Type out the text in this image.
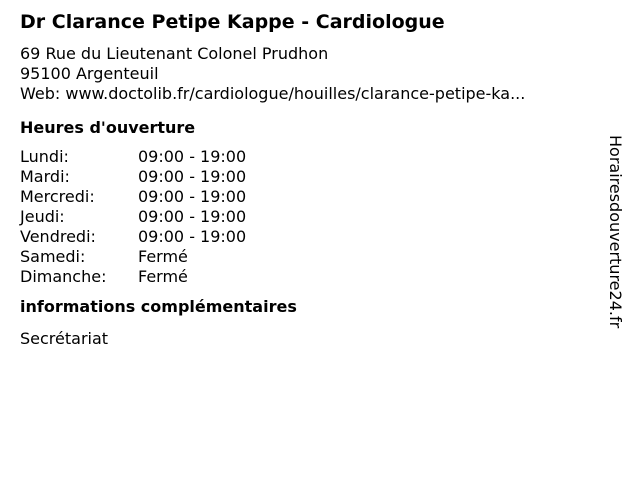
Dr Clarance Petipe Kappe - Cardiologue
69 Rue du Lieutenant Colonel Prudhon
95100 Argenteuil
Web: www.doctolib.fr/cardiologue/houilles/clarance-petipe-ka...
Heures d'ouverture
Lundi:	09:00 - 19:00
Mardi:	09:00 - 19:00
Mercredi:	09:00 - 19:00
Jeudi:	09:00 - 19:00
Vendredi:	09:00 - 19:00
Samedi:	Fermé
Dimanche:	Fermé
informations complémentaires
Secrétariat
Horairesdouverture24.fr
